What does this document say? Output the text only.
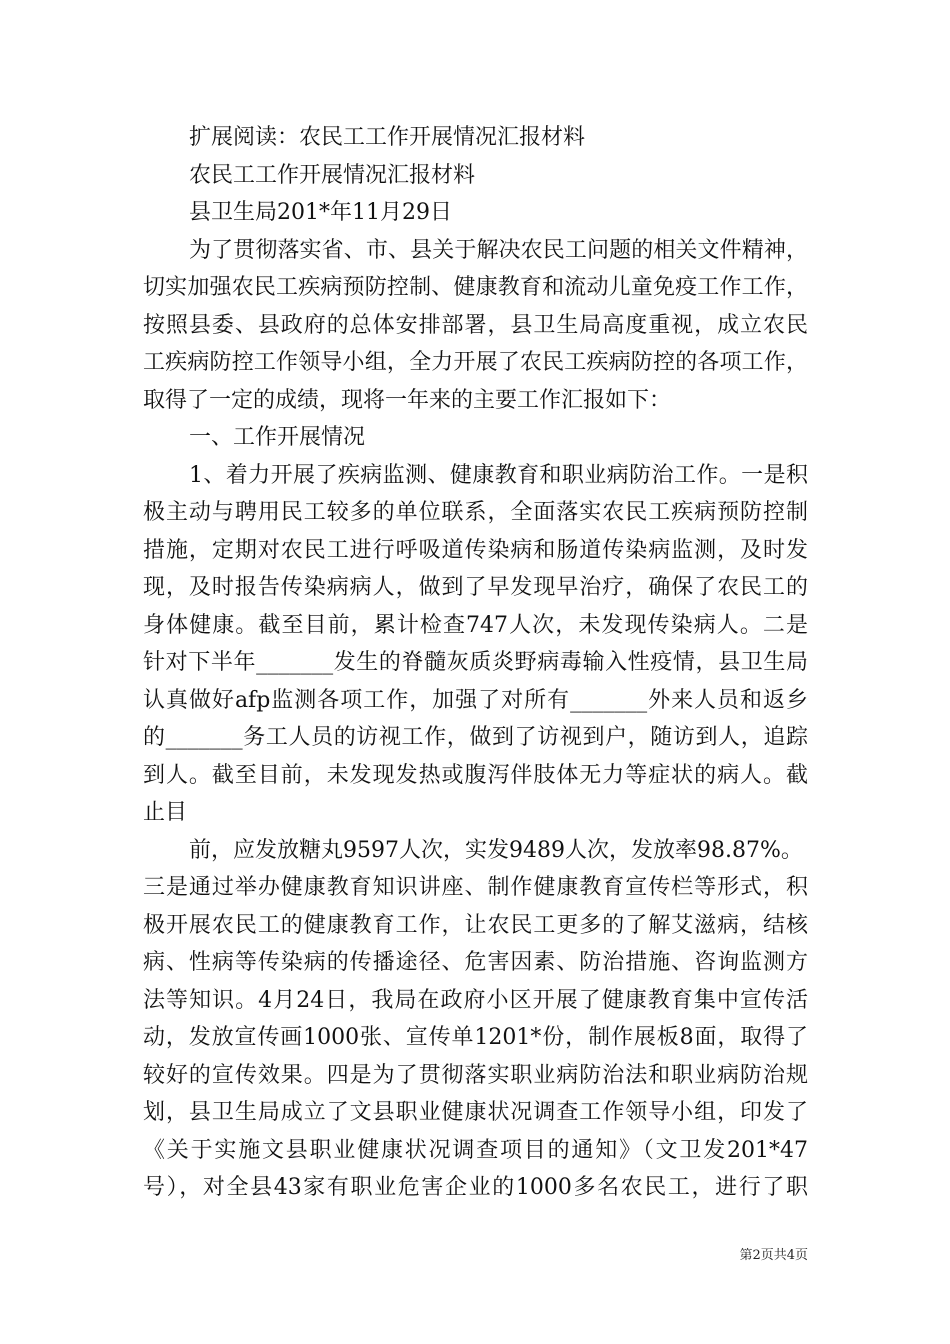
扩展阅读：农民工工作开展情况汇报材料
农民工工作开展情况汇报材料
县卫生局201*年11月29日
为了贯彻落实省、市、县关于解决农民工问题的相关文件精神，
切实加强农民工疾病预防控制、健康教育和流动儿童免疫工作工作，
按照县委、县政府的总体安排部署，县卫生局高度重视，成立农民
工疾病防控工作领导小组，全力开展了农民工疾病防控的各项工作，
取得了一定的成绩，现将一年来的主要工作汇报如下：
一、工作开展情况
1、着力开展了疾病监测、健康教育和职业病防治工作。一是积
极主动与聘用民工较多的单位联系，全面落实农民工疾病预防控制
措施，定期对农民工进行呼吸道传染病和肠道传染病监测，及时发
现，及时报告传染病病人，做到了早发现早治疗，确保了农民工的
身体健康。截至目前，累计检查747人次，未发现传染病人。二是
针对下半年_______发生的脊髓灰质炎野病毒输入性疫情，县卫生局
认真做好afp监测各项工作，加强了对所有_______外来人员和返乡
的_______务工人员的访视工作，做到了访视到户，随访到人，追踪
到人。截至目前，未发现发热或腹泻伴肢体无力等症状的病人。截
止目
前，应发放糖丸9597人次，实发9489人次，发放率98.87%。
三是通过举办健康教育知识讲座、制作健康教育宣传栏等形式，积
极开展农民工的健康教育工作，让农民工更多的了解艾滋病，结核
病、性病等传染病的传播途径、危害因素、防治措施、咨询监测方
法等知识。4月24日，我局在政府小区开展了健康教育集中宣传活
动，发放宣传画1000张、宣传单1201*份，制作展板8面，取得了
较好的宣传效果。四是为了贯彻落实职业病防治法和职业病防治规
划，县卫生局成立了文县职业健康状况调查工作领导小组，印发了
《关于实施文县职业健康状况调查项目的通知》（文卫发201*47
号），对全县43家有职业危害企业的1000多名农民工，进行了职
第2页共4页
